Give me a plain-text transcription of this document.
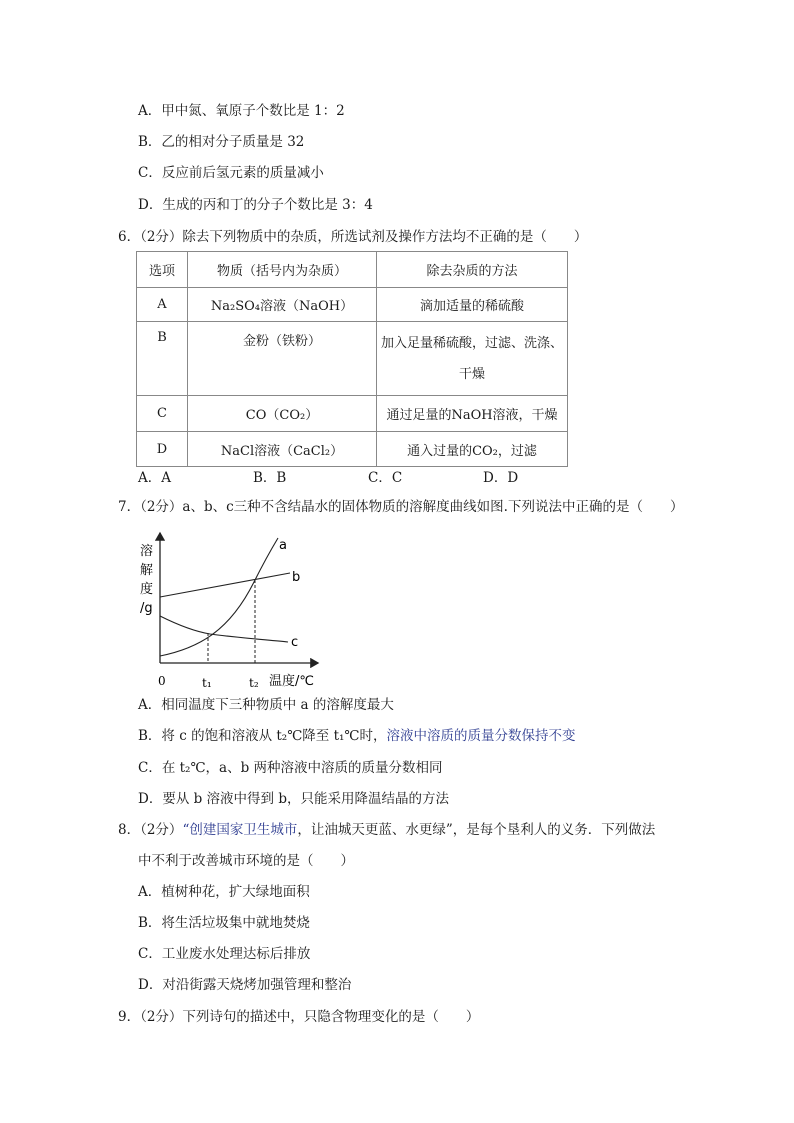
A．甲中氮、氧原子个数比是 1：2
B．乙的相对分子质量是 32
C．反应前后氢元素的质量减小
D．生成的丙和丁的分子个数比是 3：4
6．（2分）除去下列物质中的杂质，所选试剂及操作方法均不正确的是（　　）
选项	物质（括号内为杂质）	除去杂质的方法
A	Na₂SO₄溶液（NaOH）	滴加适量的稀硫酸
B	金粉（铁粉）	加入足量稀硫酸，过滤、洗涤、
干燥

C	CO（CO₂）	通过足量的NaOH溶液，干燥
D	NaCl溶液（CaCl₂）	通入过量的CO₂，过滤
A．A	B．B	C．C	D．D
7．（2分）a、b、c三种不含结晶水的固体物质的溶解度曲线如图.下列说法中正确的是（　　）
溶
解
度
/g
a
b
c
0	t₁	t₂ 温度/℃
A．相同温度下三种物质中 a 的溶解度最大
B．将 c 的饱和溶液从 t₂℃降至 t₁℃时，溶液中溶质的质量分数保持不变
C．在 t₂℃，a、b 两种溶液中溶质的质量分数相同
D．要从 b 溶液中得到 b，只能采用降温结晶的方法
8．（2分）“创建国家卫生城市，让油城天更蓝、水更绿”，是每个垦利人的义务．下列做法
中不利于改善城市环境的是（　　）
A．植树种花，扩大绿地面积
B．将生活垃圾集中就地焚烧
C．工业废水处理达标后排放
D．对沿街露天烧烤加强管理和整治
9．（2分）下列诗句的描述中，只隐含物理变化的是（　　）
